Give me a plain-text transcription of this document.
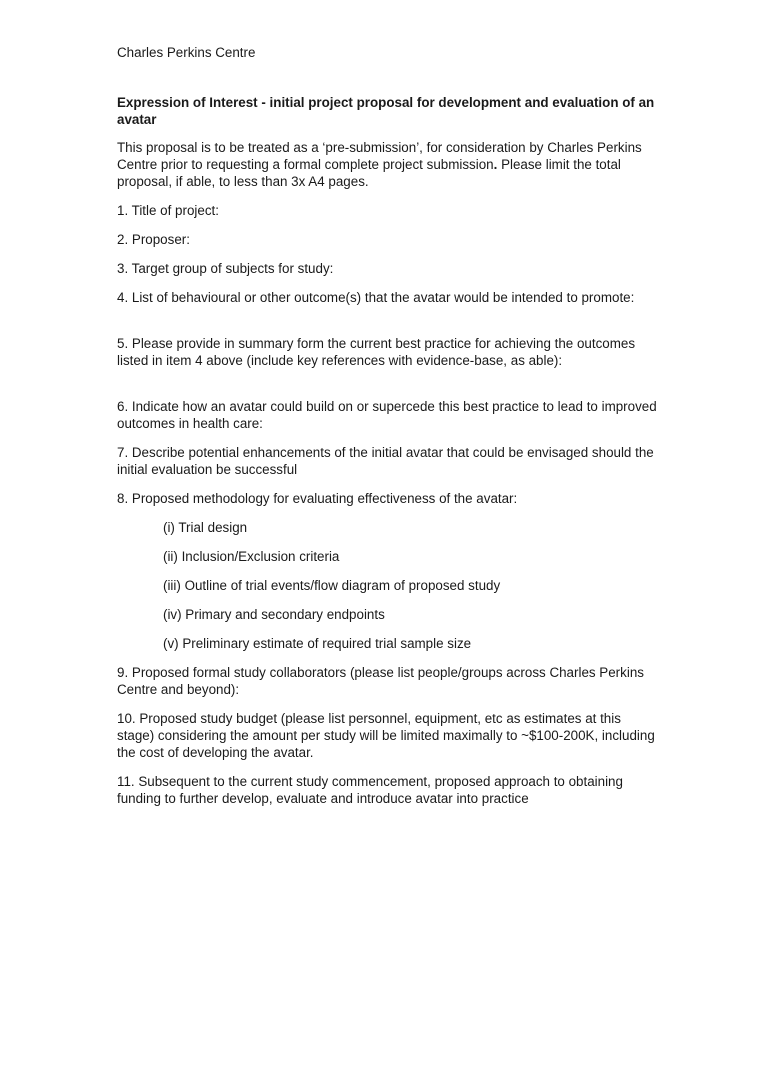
Charles Perkins Centre

Expression of Interest - initial project proposal for development and evaluation of an avatar

This proposal is to be treated as a ‘pre-submission’, for consideration by Charles Perkins Centre prior to requesting a formal complete project submission. Please limit the total proposal, if able, to less than 3x A4 pages.

1. Title of project:

2. Proposer:

3. Target group of subjects for study:

4. List of behavioural or other outcome(s) that the avatar would be intended to promote:

5. Please provide in summary form the current best practice for achieving the outcomes listed in item 4 above (include key references with evidence-base, as able):

6. Indicate how an avatar could build on or supercede this best practice to lead to improved outcomes in health care:

7. Describe potential enhancements of the initial avatar that could be envisaged should the initial evaluation be successful

8. Proposed methodology for evaluating effectiveness of the avatar:

(i) Trial design

(ii) Inclusion/Exclusion criteria

(iii) Outline of trial events/flow diagram of proposed study

(iv) Primary and secondary endpoints

(v) Preliminary estimate of required trial sample size

9. Proposed formal study collaborators (please list people/groups across Charles Perkins Centre and beyond):

10. Proposed study budget (please list personnel, equipment, etc as estimates at this stage) considering the amount per study will be limited maximally to ~$100-200K, including the cost of developing the avatar.

11. Subsequent to the current study commencement, proposed approach to obtaining funding to further develop, evaluate and introduce avatar into practice
